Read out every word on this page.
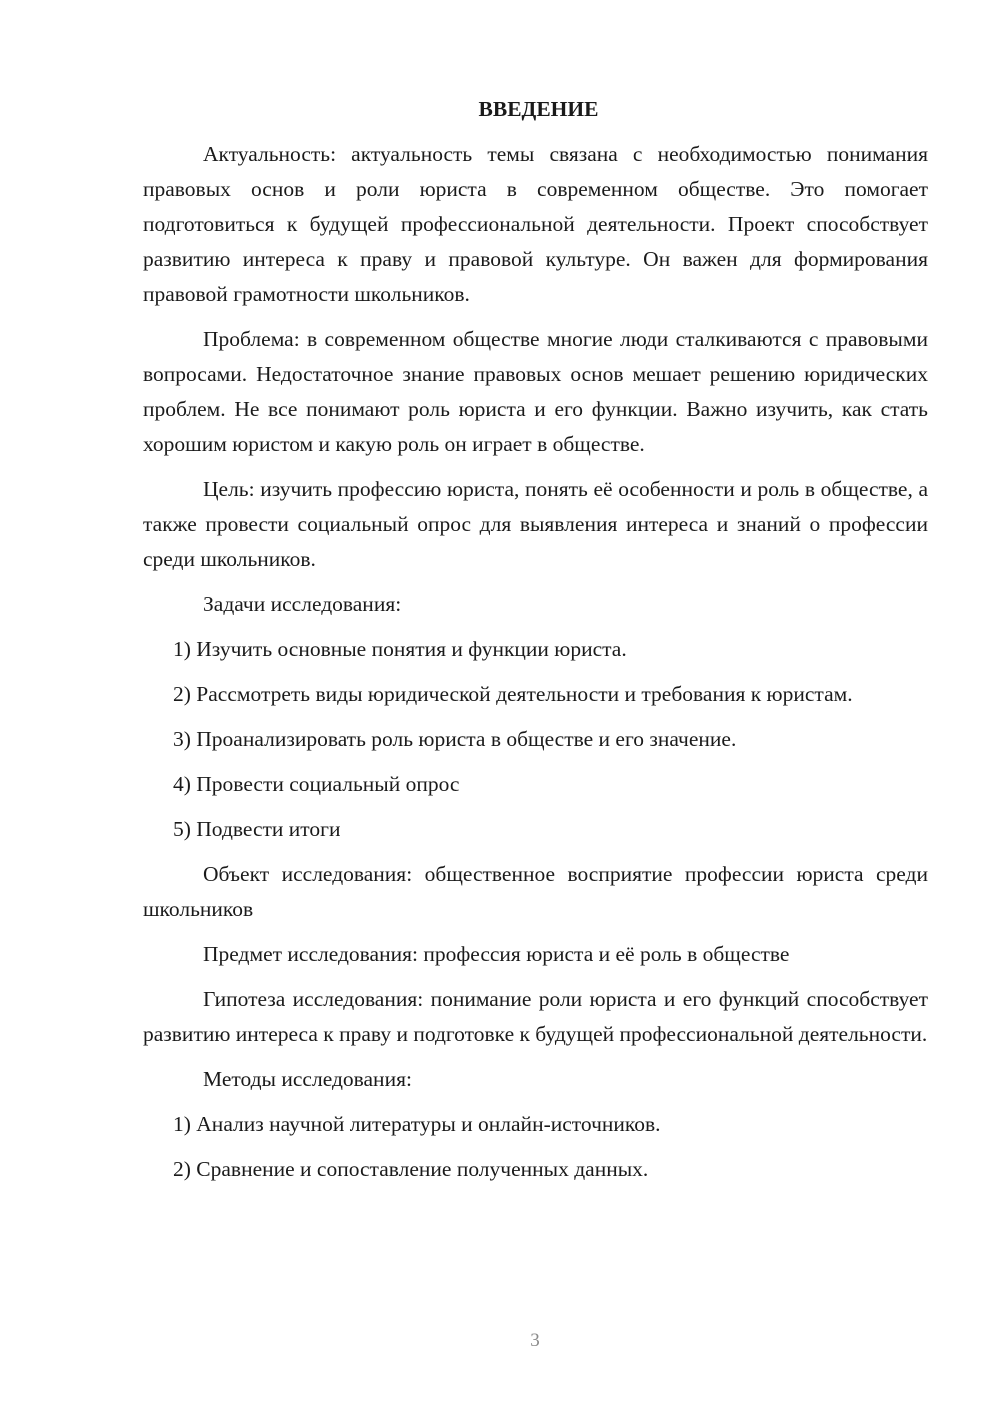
ВВЕДЕНИЕ

Актуальность: актуальность темы связана с необходимостью понимания правовых основ и роли юриста в современном обществе. Это помогает подготовиться к будущей профессиональной деятельности. Проект способствует развитию интереса к праву и правовой культуре. Он важен для формирования правовой грамотности школьников.

Проблема: в современном обществе многие люди сталкиваются с правовыми вопросами. Недостаточное знание правовых основ мешает решению юридических проблем. Не все понимают роль юриста и его функции. Важно изучить, как стать хорошим юристом и какую роль он играет в обществе.

Цель: изучить профессию юриста, понять её особенности и роль в обществе, а также провести социальный опрос для выявления интереса и знаний о профессии среди школьников.

Задачи исследования:

1) Изучить основные понятия и функции юриста.

2) Рассмотреть виды юридической деятельности и требования к юристам.

3) Проанализировать роль юриста в обществе и его значение.

4) Провести социальный опрос

5) Подвести итоги

Объект исследования: общественное восприятие профессии юриста среди школьников

Предмет исследования: профессия юриста и её роль в обществе

Гипотеза исследования: понимание роли юриста и его функций способствует развитию интереса к праву и подготовке к будущей профессиональной деятельности.

Методы исследования:

1) Анализ научной литературы и онлайн-источников.

2) Сравнение и сопоставление полученных данных.

3
